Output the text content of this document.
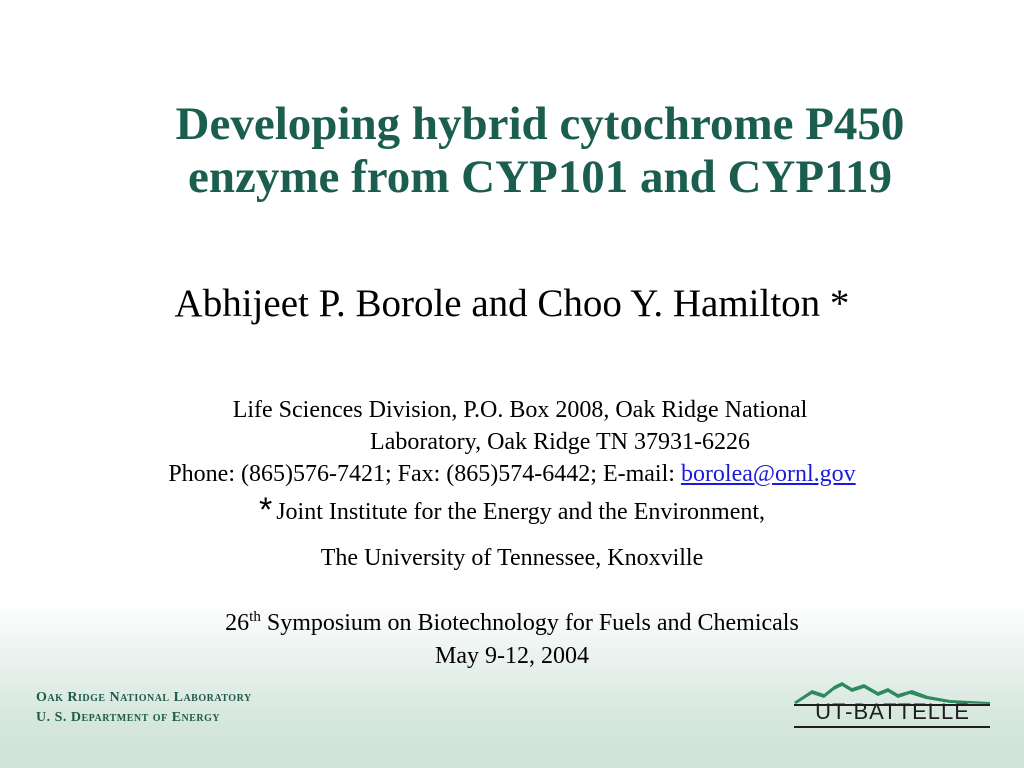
Developing hybrid cytochrome P450
enzyme from CYP101 and CYP119
Abhijeet P. Borole and Choo Y. Hamilton *
Life Sciences Division, P.O. Box 2008, Oak Ridge National
Laboratory, Oak Ridge TN 37931-6226
Phone: (865)576-7421; Fax: (865)574-6442; E-mail: borolea@ornl.gov
* Joint Institute for the Energy and the Environment,
The University of Tennessee, Knoxville
26th Symposium on Biotechnology for Fuels and Chemicals
May 9-12, 2004
Oak Ridge National Laboratory
U. S. Department of Energy	UT-BATTELLE
